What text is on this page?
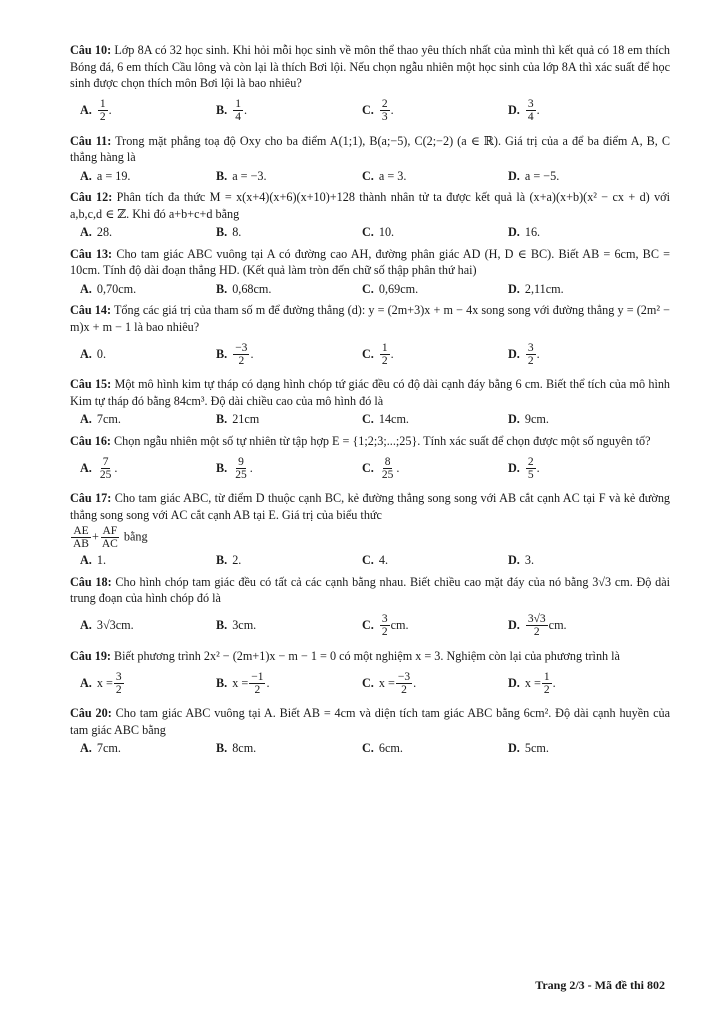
Câu 10: Lớp 8A có 32 học sinh. Khi hỏi mỗi học sinh về môn thể thao yêu thích nhất của mình thì kết quả có 18 em thích Bóng đá, 6 em thích Cầu lông và còn lại là thích Bơi lội. Nếu chọn ngẫu nhiên một học sinh của lớp 8A thì xác suất để học sinh được chọn thích môn Bơi lội là bao nhiêu?
A. $\frac{1}{2}$ .	B. $\frac{1}{4}$ .	C. $\frac{2}{3}$ .	D. $\frac{3}{4}$ .
Câu 11: Trong mặt phẳng toạ độ Oxy cho ba điểm A(1;1), B(a;−5), C(2;−2) (a ∈ ℝ). Giá trị của a để ba điểm A, B, C thẳng hàng là
A. a = 19.	B. a = −3.	C. a = 3.	D. a = −5.
Câu 12: Phân tích đa thức M = x(x+4)(x+6)(x+10)+128 thành nhân tử ta được kết quả là (x+a)(x+b)(x² − cx + d) với a,b,c,d ∈ ℤ. Khi đó a+b+c+d bằng
A. 28.	B. 8.	C. 10.	D. 16.
Câu 13: Cho tam giác ABC vuông tại A có đường cao AH, đường phân giác AD (H, D ∈ BC). Biết AB = 6cm, BC = 10cm. Tính độ dài đoạn thẳng HD. (Kết quả làm tròn đến chữ số thập phân thứ hai)
A. 0,70cm.	B. 0,68cm.	C. 0,69cm.	D. 2,11cm.
Câu 14: Tổng các giá trị của tham số m để đường thẳng (d): y = (2m+3)x + m − 4x song song với đường thẳng y = (2m² − m)x + m − 1 là bao nhiêu?
A. 0.	B. $\frac{-3}{2}$ .	C. $\frac{1}{2}$ .	D. $\frac{3}{2}$ .
Câu 15: Một mô hình kim tự tháp có dạng hình chóp tứ giác đều có độ dài cạnh đáy bằng 6 cm. Biết thể tích của mô hình Kim tự tháp đó bằng 84cm³. Độ dài chiều cao của mô hình đó là
A. 7cm.	B. 21cm	C. 14cm.	D. 9cm.
Câu 16: Chọn ngẫu nhiên một số tự nhiên từ tập hợp E = {1;2;3;...;25}. Tính xác suất để chọn được một số nguyên tố?
A. $\frac{7}{25}$ .	B. $\frac{9}{25}$ .	C. $\frac{8}{25}$ .	D. $\frac{2}{5}$ .
Câu 17: Cho tam giác ABC, từ điểm D thuộc cạnh BC, kẻ đường thẳng song song với AB cắt cạnh AC tại F và kẻ đường thẳng song song với AC cắt cạnh AB tại E. Giá trị của biểu thức
$\frac{AE}{AB} + \frac{AF}{AC}$ bằng
A. 1.	B. 2.	C. 4.	D. 3.
Câu 18: Cho hình chóp tam giác đều có tất cả các cạnh bằng nhau. Biết chiều cao mặt đáy của nó bằng 3√3 cm. Độ dài trung đoạn của hình chóp đó là
A. 3√3cm.	B. 3cm.	C. $\frac{3}{2}$ cm.	D. $\frac{3√3}{2}$ cm.
Câu 19: Biết phương trình 2x² − (2m+1)x − m − 1 = 0 có một nghiệm x = 3. Nghiệm còn lại của phương trình là
A. $x = \frac{3}{2}$	B. $x = \frac{-1}{2}$ .	C. $x = \frac{-3}{2}$ .	D. $x = \frac{1}{2}$ .
Câu 20: Cho tam giác ABC vuông tại A. Biết AB = 4cm và diện tích tam giác ABC bằng 6cm². Độ dài cạnh huyền của tam giác ABC bằng
A. 7cm.	B. 8cm.	C. 6cm.	D. 5cm.
Trang 2/3 - Mã đề thi 802
